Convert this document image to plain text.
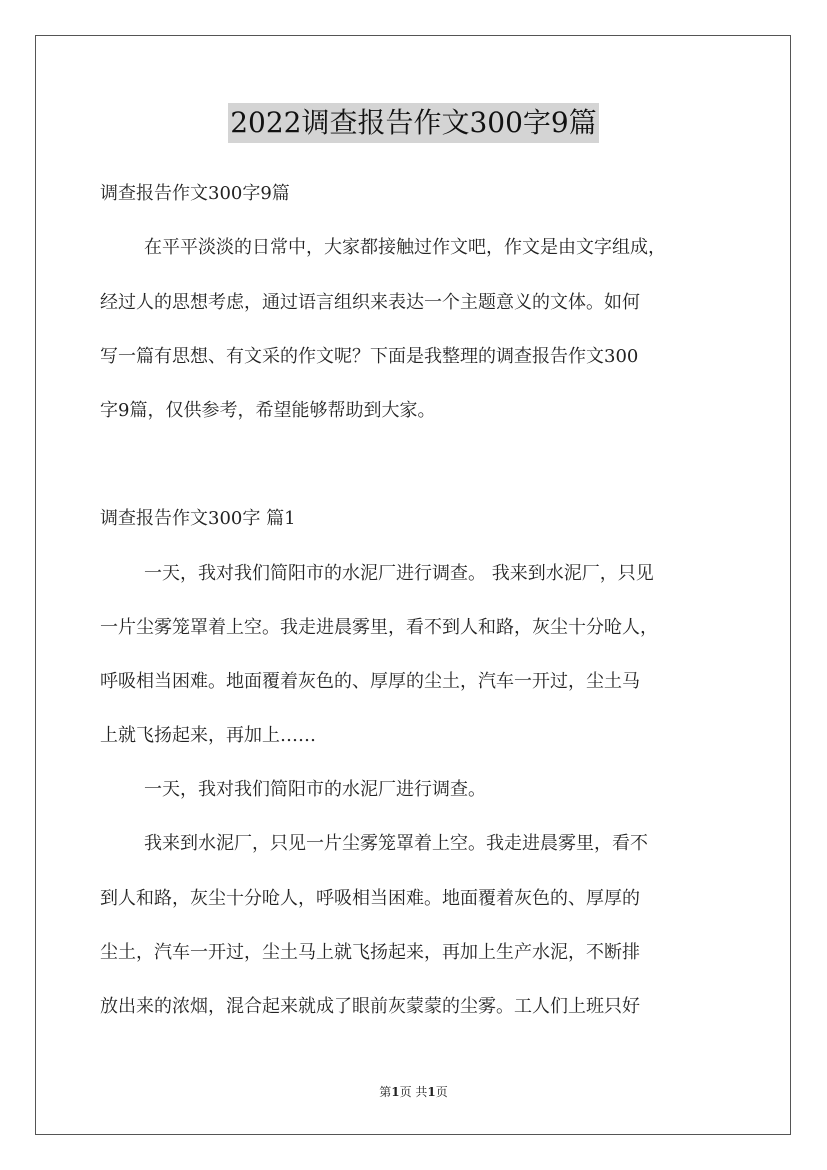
2022调查报告作文300字9篇
调查报告作文300字9篇
在平平淡淡的日常中，大家都接触过作文吧，作文是由文字组成，
经过人的思想考虑，通过语言组织来表达一个主题意义的文体。如何
写一篇有思想、有文采的作文呢？下面是我整理的调查报告作文300
字9篇，仅供参考，希望能够帮助到大家。
调查报告作文300字 篇1
一天，我对我们简阳市的水泥厂进行调查。 我来到水泥厂，只见
一片尘雾笼罩着上空。我走进晨雾里，看不到人和路，灰尘十分呛人，
呼吸相当困难。地面覆着灰色的、厚厚的尘土，汽车一开过，尘土马
上就飞扬起来，再加上……
一天，我对我们简阳市的水泥厂进行调查。
我来到水泥厂，只见一片尘雾笼罩着上空。我走进晨雾里，看不
到人和路，灰尘十分呛人，呼吸相当困难。地面覆着灰色的、厚厚的
尘土，汽车一开过，尘土马上就飞扬起来，再加上生产水泥，不断排
放出来的浓烟，混合起来就成了眼前灰蒙蒙的尘雾。工人们上班只好
第1页 共1页
